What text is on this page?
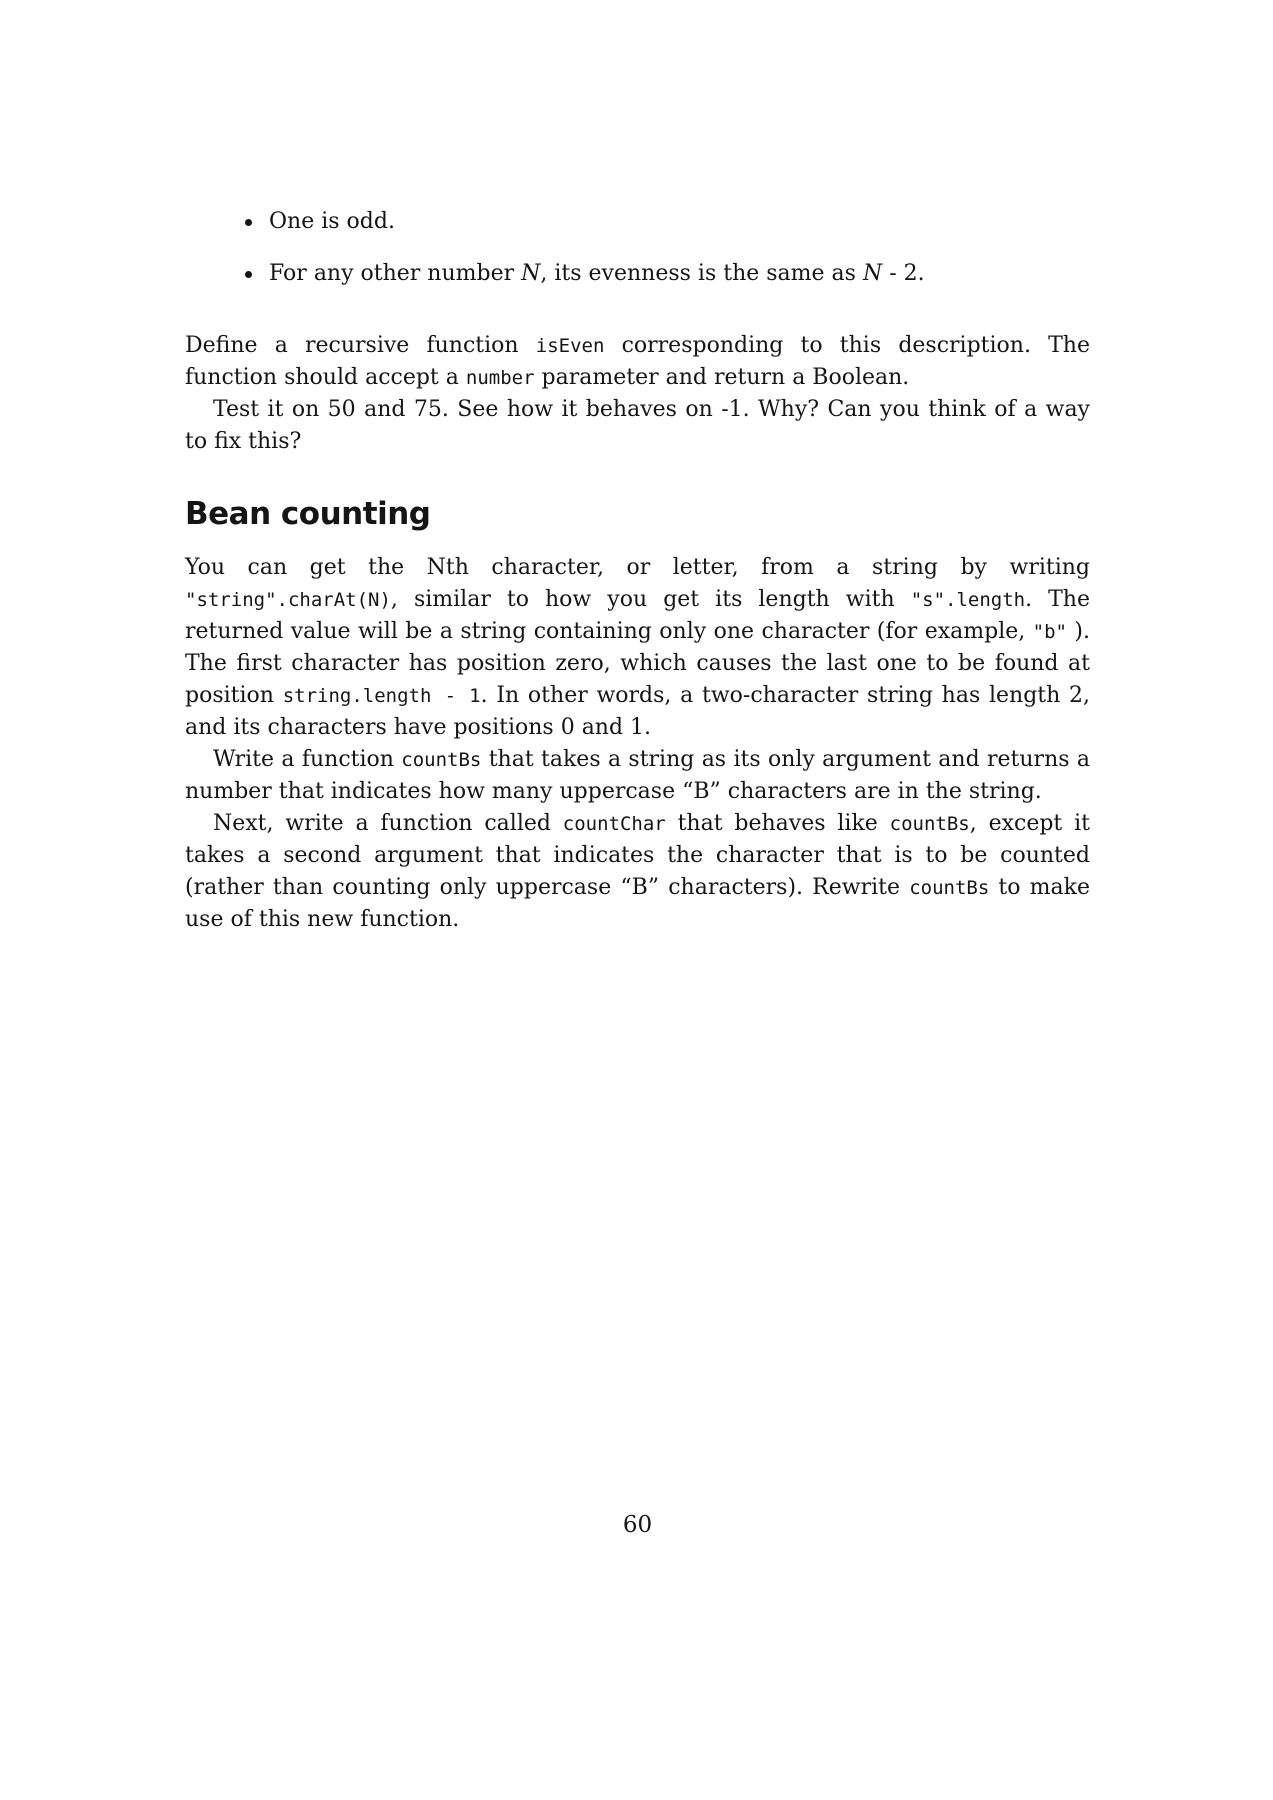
One is odd.
For any other number N, its evenness is the same as N - 2.

Define a recursive function isEven corresponding to this description. The function should accept a number parameter and return a Boolean.

Test it on 50 and 75. See how it behaves on -1. Why? Can you think of a way to fix this?

Bean counting

You can get the Nth character, or letter, from a string by writing "string".charAt(N), similar to how you get its length with "s".length. The returned value will be a string containing only one character (for example, "b" ). The first character has position zero, which causes the last one to be found at position string.length - 1. In other words, a two-character string has length 2, and its characters have positions 0 and 1.

Write a function countBs that takes a string as its only argument and returns a number that indicates how many uppercase “B” characters are in the string.

Next, write a function called countChar that behaves like countBs, except it takes a second argument that indicates the character that is to be counted (rather than counting only uppercase “B” characters). Rewrite countBs to make use of this new function.

60
